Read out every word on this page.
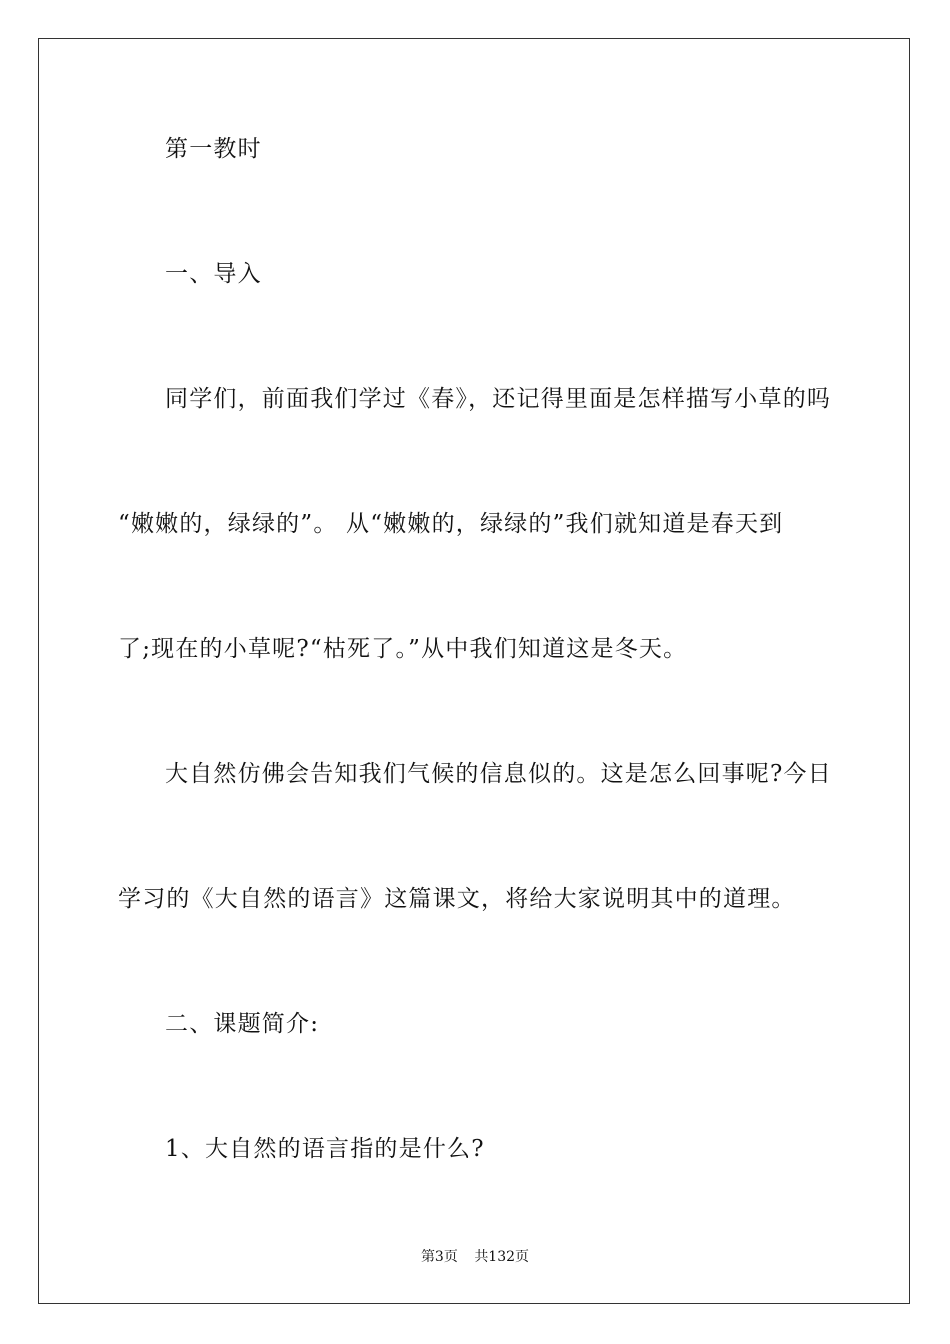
第一教时
一、导入
同学们，前面我们学过《春》，还记得里面是怎样描写小草的吗
“嫩嫩的，绿绿的”。 从“嫩嫩的，绿绿的”我们就知道是春天到
了;现在的小草呢?“枯死了。”从中我们知道这是冬天。
大自然仿佛会告知我们气候的信息似的。这是怎么回事呢?今日
学习的《大自然的语言》这篇课文，将给大家说明其中的道理。
二、课题简介:
1、大自然的语言指的是什么?
第3页 共132页
